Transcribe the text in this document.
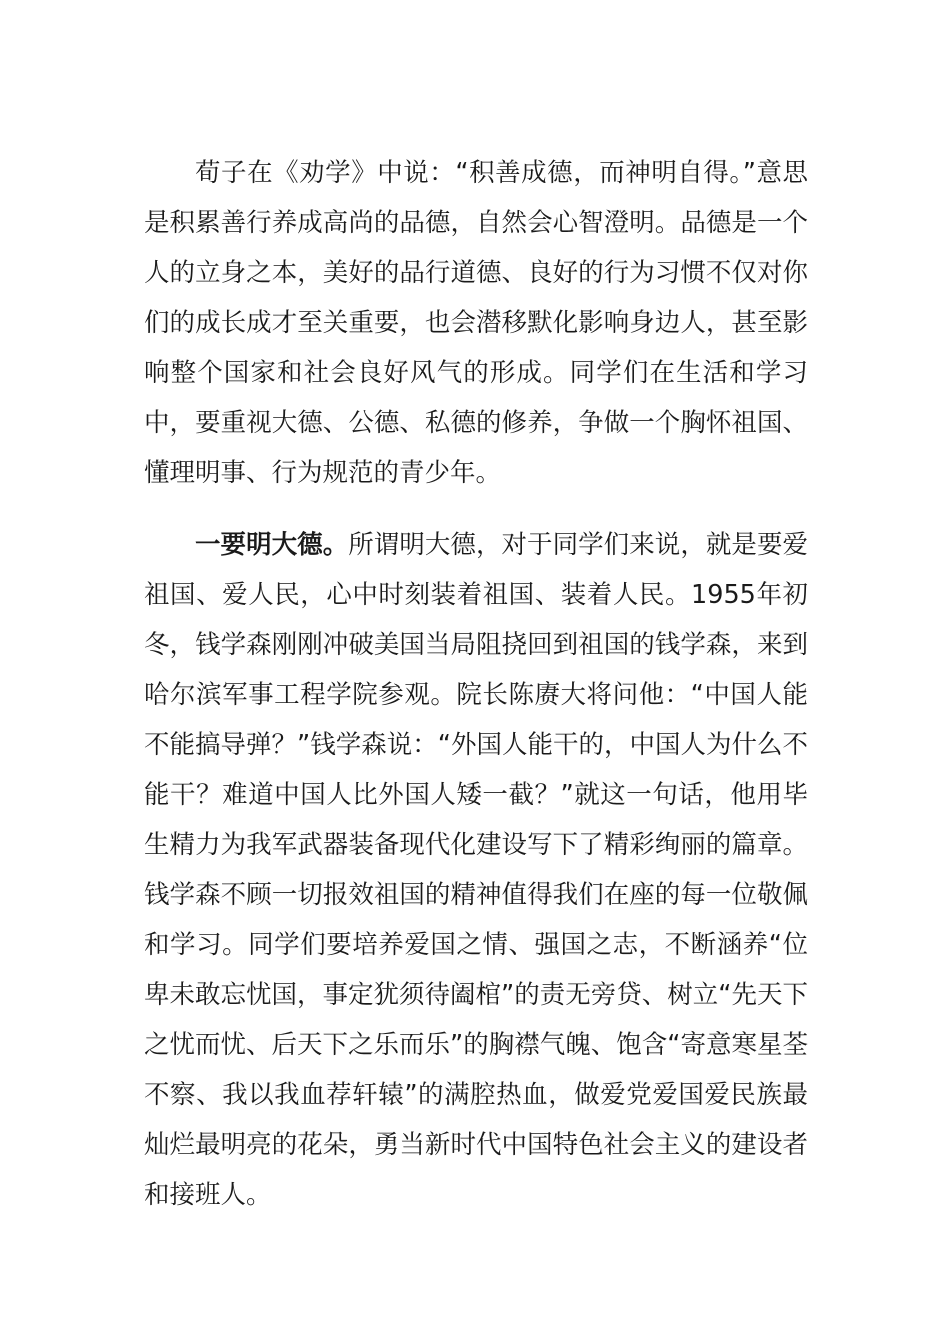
荀子在《劝学》中说：“积善成德，而神明自得。”意思是积累善行养成高尚的品德，自然会心智澄明。品德是一个人的立身之本，美好的品行道德、良好的行为习惯不仅对你们的成长成才至关重要，也会潜移默化影响身边人，甚至影响整个国家和社会良好风气的形成。同学们在生活和学习中，要重视大德、公德、私德的修养，争做一个胸怀祖国、懂理明事、行为规范的青少年。

一要明大德。所谓明大德，对于同学们来说，就是要爱祖国、爱人民，心中时刻装着祖国、装着人民。1955年初冬，钱学森刚刚冲破美国当局阻挠回到祖国的钱学森，来到哈尔滨军事工程学院参观。院长陈赓大将问他：“中国人能不能搞导弹？”钱学森说：“外国人能干的，中国人为什么不能干？难道中国人比外国人矮一截？”就这一句话，他用毕生精力为我军武器装备现代化建设写下了精彩绚丽的篇章。钱学森不顾一切报效祖国的精神值得我们在座的每一位敬佩和学习。同学们要培养爱国之情、强国之志，不断涵养“位卑未敢忘忧国，事定犹须待阖棺”的责无旁贷、树立“先天下之忧而忧、后天下之乐而乐”的胸襟气魄、饱含“寄意寒星荃不察、我以我血荐轩辕”的满腔热血，做爱党爱国爱民族最灿烂最明亮的花朵，勇当新时代中国特色社会主义的建设者和接班人。
